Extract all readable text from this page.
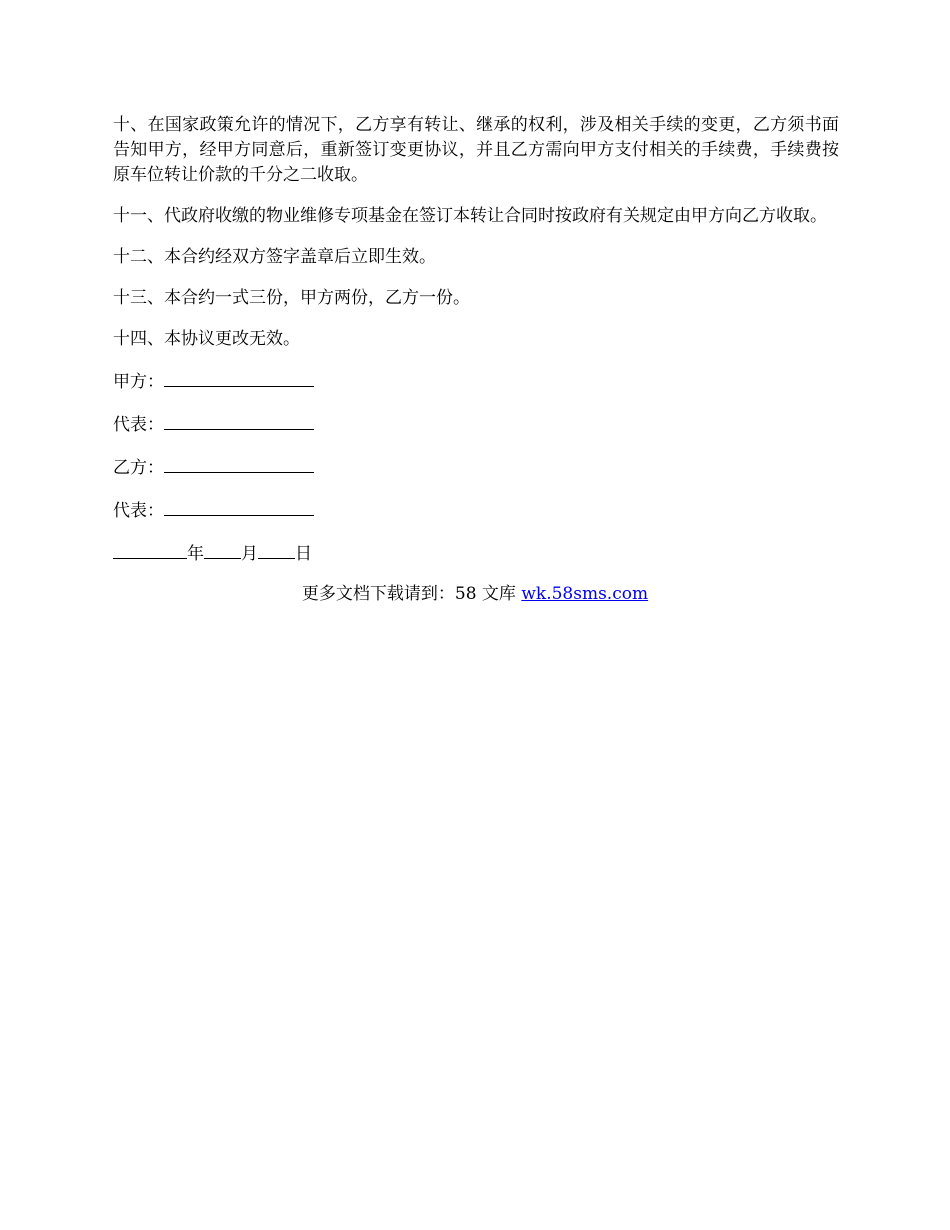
十、在国家政策允许的情况下，乙方享有转让、继承的权利，涉及相关手续的变更，乙方须书面告知甲方，经甲方同意后，重新签订变更协议，并且乙方需向甲方支付相关的手续费，手续费按原车位转让价款的千分之二收取。

十一、代政府收缴的物业维修专项基金在签订本转让合同时按政府有关规定由甲方向乙方收取。

十二、本合约经双方签字盖章后立即生效。

十三、本合约一式三份，甲方两份，乙方一份。

十四、本协议更改无效。

甲方：
代表：
乙方：
代表：
年 月 日
更多文档下载请到：58 文库 wk.58sms.com
